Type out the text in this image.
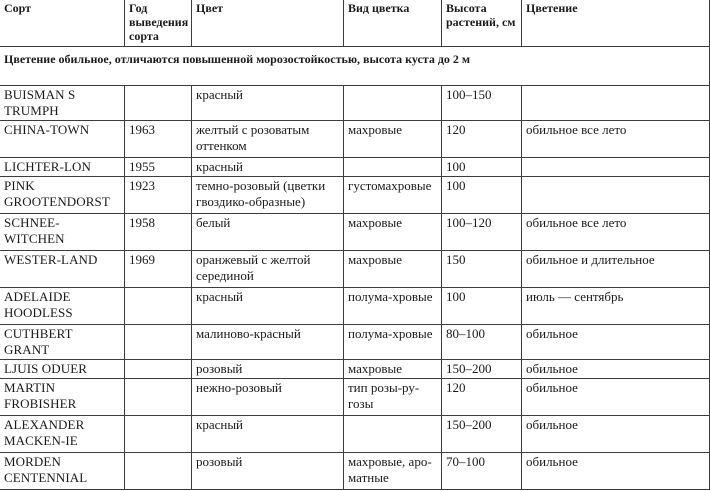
Сорт	Год выведения сорта	Цвет	Вид цветка	Высота растений, см	Цветение
Цветение обильное, отличаются повышенной морозостойкостью, высота куста до 2 м					
BUISMAN S TRUMPH		красный		100–150	
CHINA-TOWN	1963	желтый с розоватым оттенком	махровые	120	обильное все лето
LICHTER-LON	1955	красный		100	
PINK GROOTENDORST	1923	темно-розовый (цветки гвоздико-образные)	густомахровые	100	
SCHNEE-WITCHEN	1958	белый	махровые	100–120	обильное все лето
WESTER-LAND	1969	оранжевый с желтой серединой	махровые	150	обильное и длительное
ADELAIDE HOODLESS		красный	полума-хровые	100	июль — сентябрь
CUTHBERT GRANT		малиново-красный	полума-хровые	80–100	обильное
LJUIS ODUER		розовый	махровые	150–200	обильное
MARTIN FROBISHER		нежно-розовый	тип розы-ру-гозы	120	обильное
ALEXANDER MACKEN-IE		красный		150–200	обильное
MORDEN CENTENNIAL		розовый	махровые, аро-матные	70–100	обильное
